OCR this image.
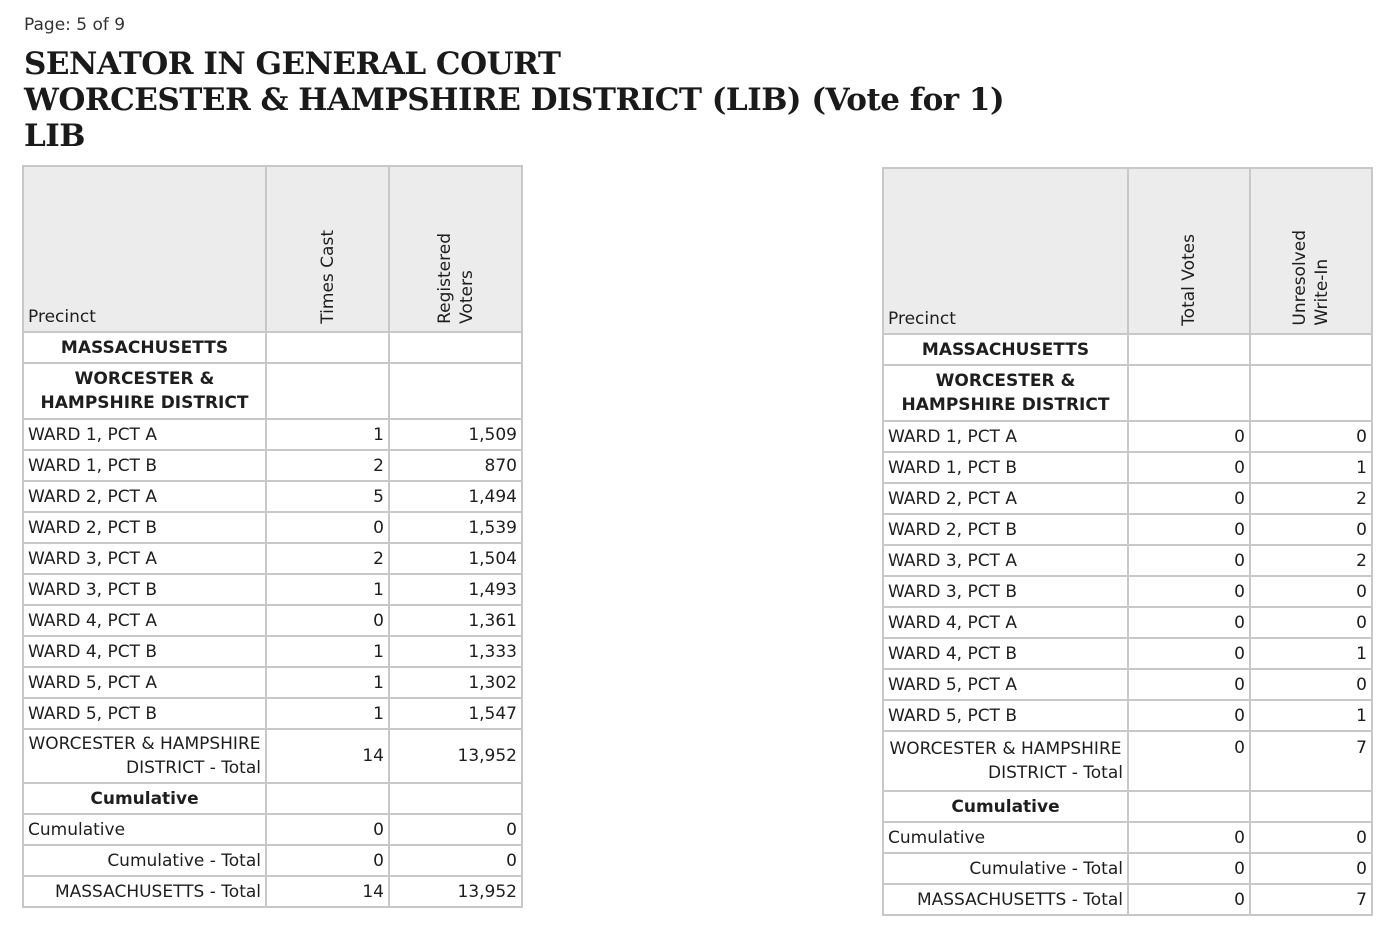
Page: 5 of 9
SENATOR IN GENERAL COURT
WORCESTER & HAMPSHIRE DISTRICT (LIB) (Vote for 1)
LIB
Precinct	Times Cast	Registered Voters

MASSACHUSETTS		

WORCESTER &
HAMPSHIRE DISTRICT		

WARD 1, PCT A	1	1,509
WARD 1, PCT B	2	870
WARD 2, PCT A	5	1,494
WARD 2, PCT B	0	1,539
WARD 3, PCT A	2	1,504
WARD 3, PCT B	1	1,493
WARD 4, PCT A	0	1,361
WARD 4, PCT B	1	1,333
WARD 5, PCT A	1	1,302
WARD 5, PCT B	1	1,547

WORCESTER & HAMPSHIRE
DISTRICT - Total	14	13,952
Cumulative		
Cumulative	0	0
Cumulative - Total	0	0
MASSACHUSETTS - Total	14	13,952
Precinct	Total Votes	Unresolved Write-In

MASSACHUSETTS		

WORCESTER &
HAMPSHIRE DISTRICT		

WARD 1, PCT A	0	0
WARD 1, PCT B	0	1
WARD 2, PCT A	0	2
WARD 2, PCT B	0	0
WARD 3, PCT A	0	2
WARD 3, PCT B	0	0
WARD 4, PCT A	0	0
WARD 4, PCT B	0	1
WARD 5, PCT A	0	0
WARD 5, PCT B	0	1

WORCESTER & HAMPSHIRE
DISTRICT - Total	0	7
Cumulative		
Cumulative	0	0
Cumulative - Total	0	0
MASSACHUSETTS - Total	0	7
